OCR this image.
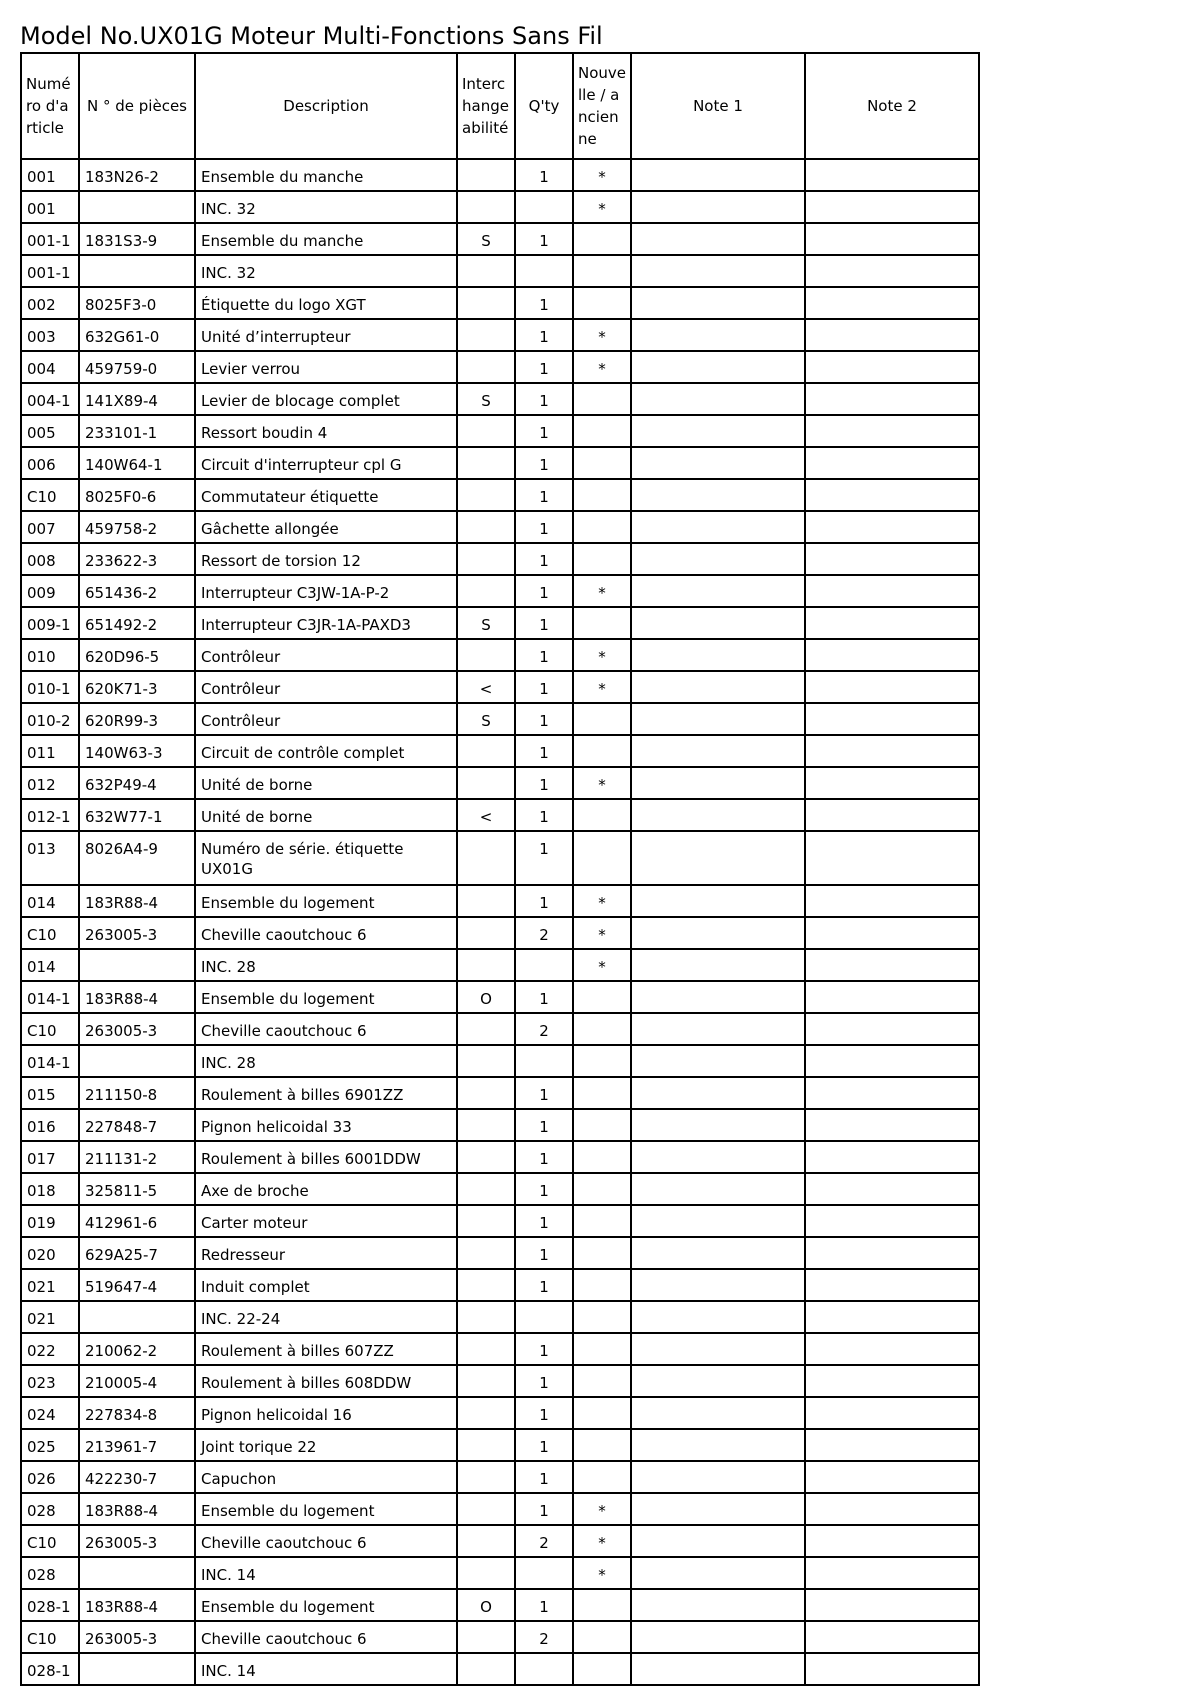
Model No.UX01G Moteur Multi-Fonctions Sans Fil
Numéro d'article	N ° de pièces	Description	Interchangeabilité	Q'ty	Nouvelle / ancienne	Note 1	Note 2
001	183N26-2	Ensemble du manche		1	*		
001		INC. 32			*		
001-1	1831S3-9	Ensemble du manche	S	1			
001-1		INC. 32					
002	8025F3-0	Étiquette du logo XGT		1			
003	632G61-0	Unité d’interrupteur		1	*		
004	459759-0	Levier verrou		1	*		
004-1	141X89-4	Levier de blocage complet	S	1			
005	233101-1	Ressort boudin 4		1			
006	140W64-1	Circuit d'interrupteur cpl G		1			
C10	8025F0-6	Commutateur étiquette		1			
007	459758-2	Gâchette allongée		1			
008	233622-3	Ressort de torsion 12		1			
009	651436-2	Interrupteur C3JW-1A-P-2		1	*		
009-1	651492-2	Interrupteur C3JR-1A-PAXD3	S	1			
010	620D96-5	Contrôleur		1	*		
010-1	620K71-3	Contrôleur	<	1	*		
010-2	620R99-3	Contrôleur	S	1			
011	140W63-3	Circuit de contrôle complet		1			
012	632P49-4	Unité de borne		1	*		
012-1	632W77-1	Unité de borne	<	1			
013	8026A4-9	Numéro de série. étiquette UX01G		1			
014	183R88-4	Ensemble du logement		1	*		
C10	263005-3	Cheville caoutchouc 6		2	*		
014		INC. 28			*		
014-1	183R88-4	Ensemble du logement	O	1			
C10	263005-3	Cheville caoutchouc 6		2			
014-1		INC. 28					
015	211150-8	Roulement à billes 6901ZZ		1			
016	227848-7	Pignon helicoidal 33		1			
017	211131-2	Roulement à billes 6001DDW		1			
018	325811-5	Axe de broche		1			
019	412961-6	Carter moteur		1			
020	629A25-7	Redresseur		1			
021	519647-4	Induit complet		1			
021		INC. 22-24					
022	210062-2	Roulement à billes 607ZZ		1			
023	210005-4	Roulement à billes 608DDW		1			
024	227834-8	Pignon helicoidal 16		1			
025	213961-7	Joint torique 22		1			
026	422230-7	Capuchon		1			
028	183R88-4	Ensemble du logement		1	*		
C10	263005-3	Cheville caoutchouc 6		2	*		
028		INC. 14			*		
028-1	183R88-4	Ensemble du logement	O	1			
C10	263005-3	Cheville caoutchouc 6		2			
028-1		INC. 14					
